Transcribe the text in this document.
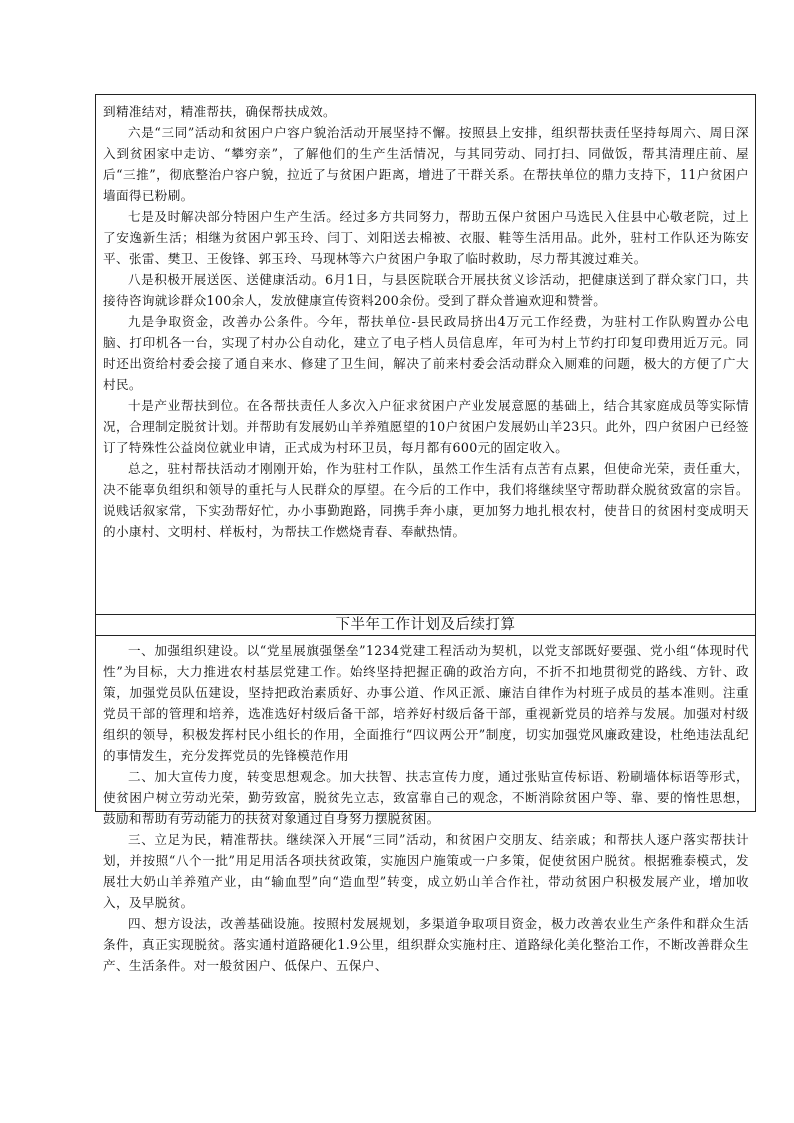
到精准结对，精准帮扶，确保帮扶成效。

六是“三同”活动和贫困户户容户貌治活动开展坚持不懈。按照县上安排，组织帮扶责任坚持每周六、周日深入到贫困家中走访、“攀穷亲”，了解他们的生产生活情况，与其同劳动、同打扫、同做饭，帮其清理庄前、屋后“三推”，彻底整治户容户貌，拉近了与贫困户距离，增进了干群关系。在帮扶单位的鼎力支持下，11户贫困户墙面得已粉刷。

七是及时解决部分特困户生产生活。经过多方共同努力，帮助五保户贫困户马选民入住县中心敬老院，过上了安逸新生活；相继为贫困户郭玉玲、闫丁、刘阳送去棉被、衣服、鞋等生活用品。此外，驻村工作队还为陈安平、张雷、樊卫、王俊锋、郭玉玲、马现林等六户贫困户争取了临时救助，尽力帮其渡过难关。

八是积极开展送医、送健康活动。6月1日，与县医院联合开展扶贫义诊活动，把健康送到了群众家门口，共接待咨询就诊群众100余人，发放健康宣传资料200余份。受到了群众普遍欢迎和赞誉。

九是争取资金，改善办公条件。今年，帮扶单位-县民政局挤出4万元工作经费，为驻村工作队购置办公电脑、打印机各一台，实现了村办公自动化，建立了电子档人员信息库，年可为村上节约打印复印费用近万元。同时还出资给村委会接了通自来水、修建了卫生间，解决了前来村委会活动群众入厕难的问题，极大的方便了广大村民。

十是产业帮扶到位。在各帮扶责任人多次入户征求贫困户产业发展意愿的基础上，结合其家庭成员等实际情况，合理制定脱贫计划。并帮助有发展奶山羊养殖愿望的10户贫困户发展奶山羊23只。此外，四户贫困户已经签订了特殊性公益岗位就业申请，正式成为村环卫员，每月都有600元的固定收入。

总之，驻村帮扶活动才刚刚开始，作为驻村工作队，虽然工作生活有点苦有点累，但使命光荣，责任重大，决不能辜负组织和领导的重托与人民群众的厚望。在今后的工作中，我们将继续坚守帮助群众脱贫致富的宗旨。说贱话叙家常，下实劲帮好忙，办小事勤跑路，同携手奔小康，更加努力地扎根农村，使昔日的贫困村变成明天的小康村、文明村、样板村，为帮扶工作燃烧青春、奉献热情。

下半年工作计划及后续打算

一、加强组织建设。以“党星展旗强堡垒”1234党建工程活动为契机，以党支部既好要强、党小组“体现时代性”为目标，大力推进农村基层党建工作。始终坚持把握正确的政治方向，不折不扣地贯彻党的路线、方针、政策，加强党员队伍建设，坚持把政治素质好、办事公道、作风正派、廉洁自律作为村班子成员的基本准则。注重党员干部的管理和培养，选准选好村级后备干部，培养好村级后备干部，重视新党员的培养与发展。加强对村级组织的领导，积极发挥村民小组长的作用，全面推行“四议两公开”制度，切实加强党风廉政建设，杜绝违法乱纪的事情发生，充分发挥党员的先锋模范作用

二、加大宣传力度，转变思想观念。加大扶智、扶志宣传力度，通过张贴宣传标语、粉刷墙体标语等形式，使贫困户树立劳动光荣，勤劳致富，脱贫先立志，致富靠自己的观念，不断消除贫困户等、靠、要的惰性思想，鼓励和帮助有劳动能力的扶贫对象通过自身努力摆脱贫困。

三、立足为民，精准帮扶。继续深入开展“三同”活动，和贫困户交朋友、结亲戚；和帮扶人逐户落实帮扶计划，并按照“八个一批”用足用活各项扶贫政策，实施因户施策或一户多策，促使贫困户脱贫。根据雅泰模式，发展壮大奶山羊养殖产业，由“输血型”向“造血型”转变，成立奶山羊合作社，带动贫困户积极发展产业，增加收入，及早脱贫。

四、想方设法，改善基础设施。按照村发展规划，多渠道争取项目资金，极力改善农业生产条件和群众生活条件，真正实现脱贫。落实通村道路硬化1.9公里，组织群众实施村庄、道路绿化美化整治工作，不断改善群众生产、生活条件。对一般贫困户、低保户、五保户、
